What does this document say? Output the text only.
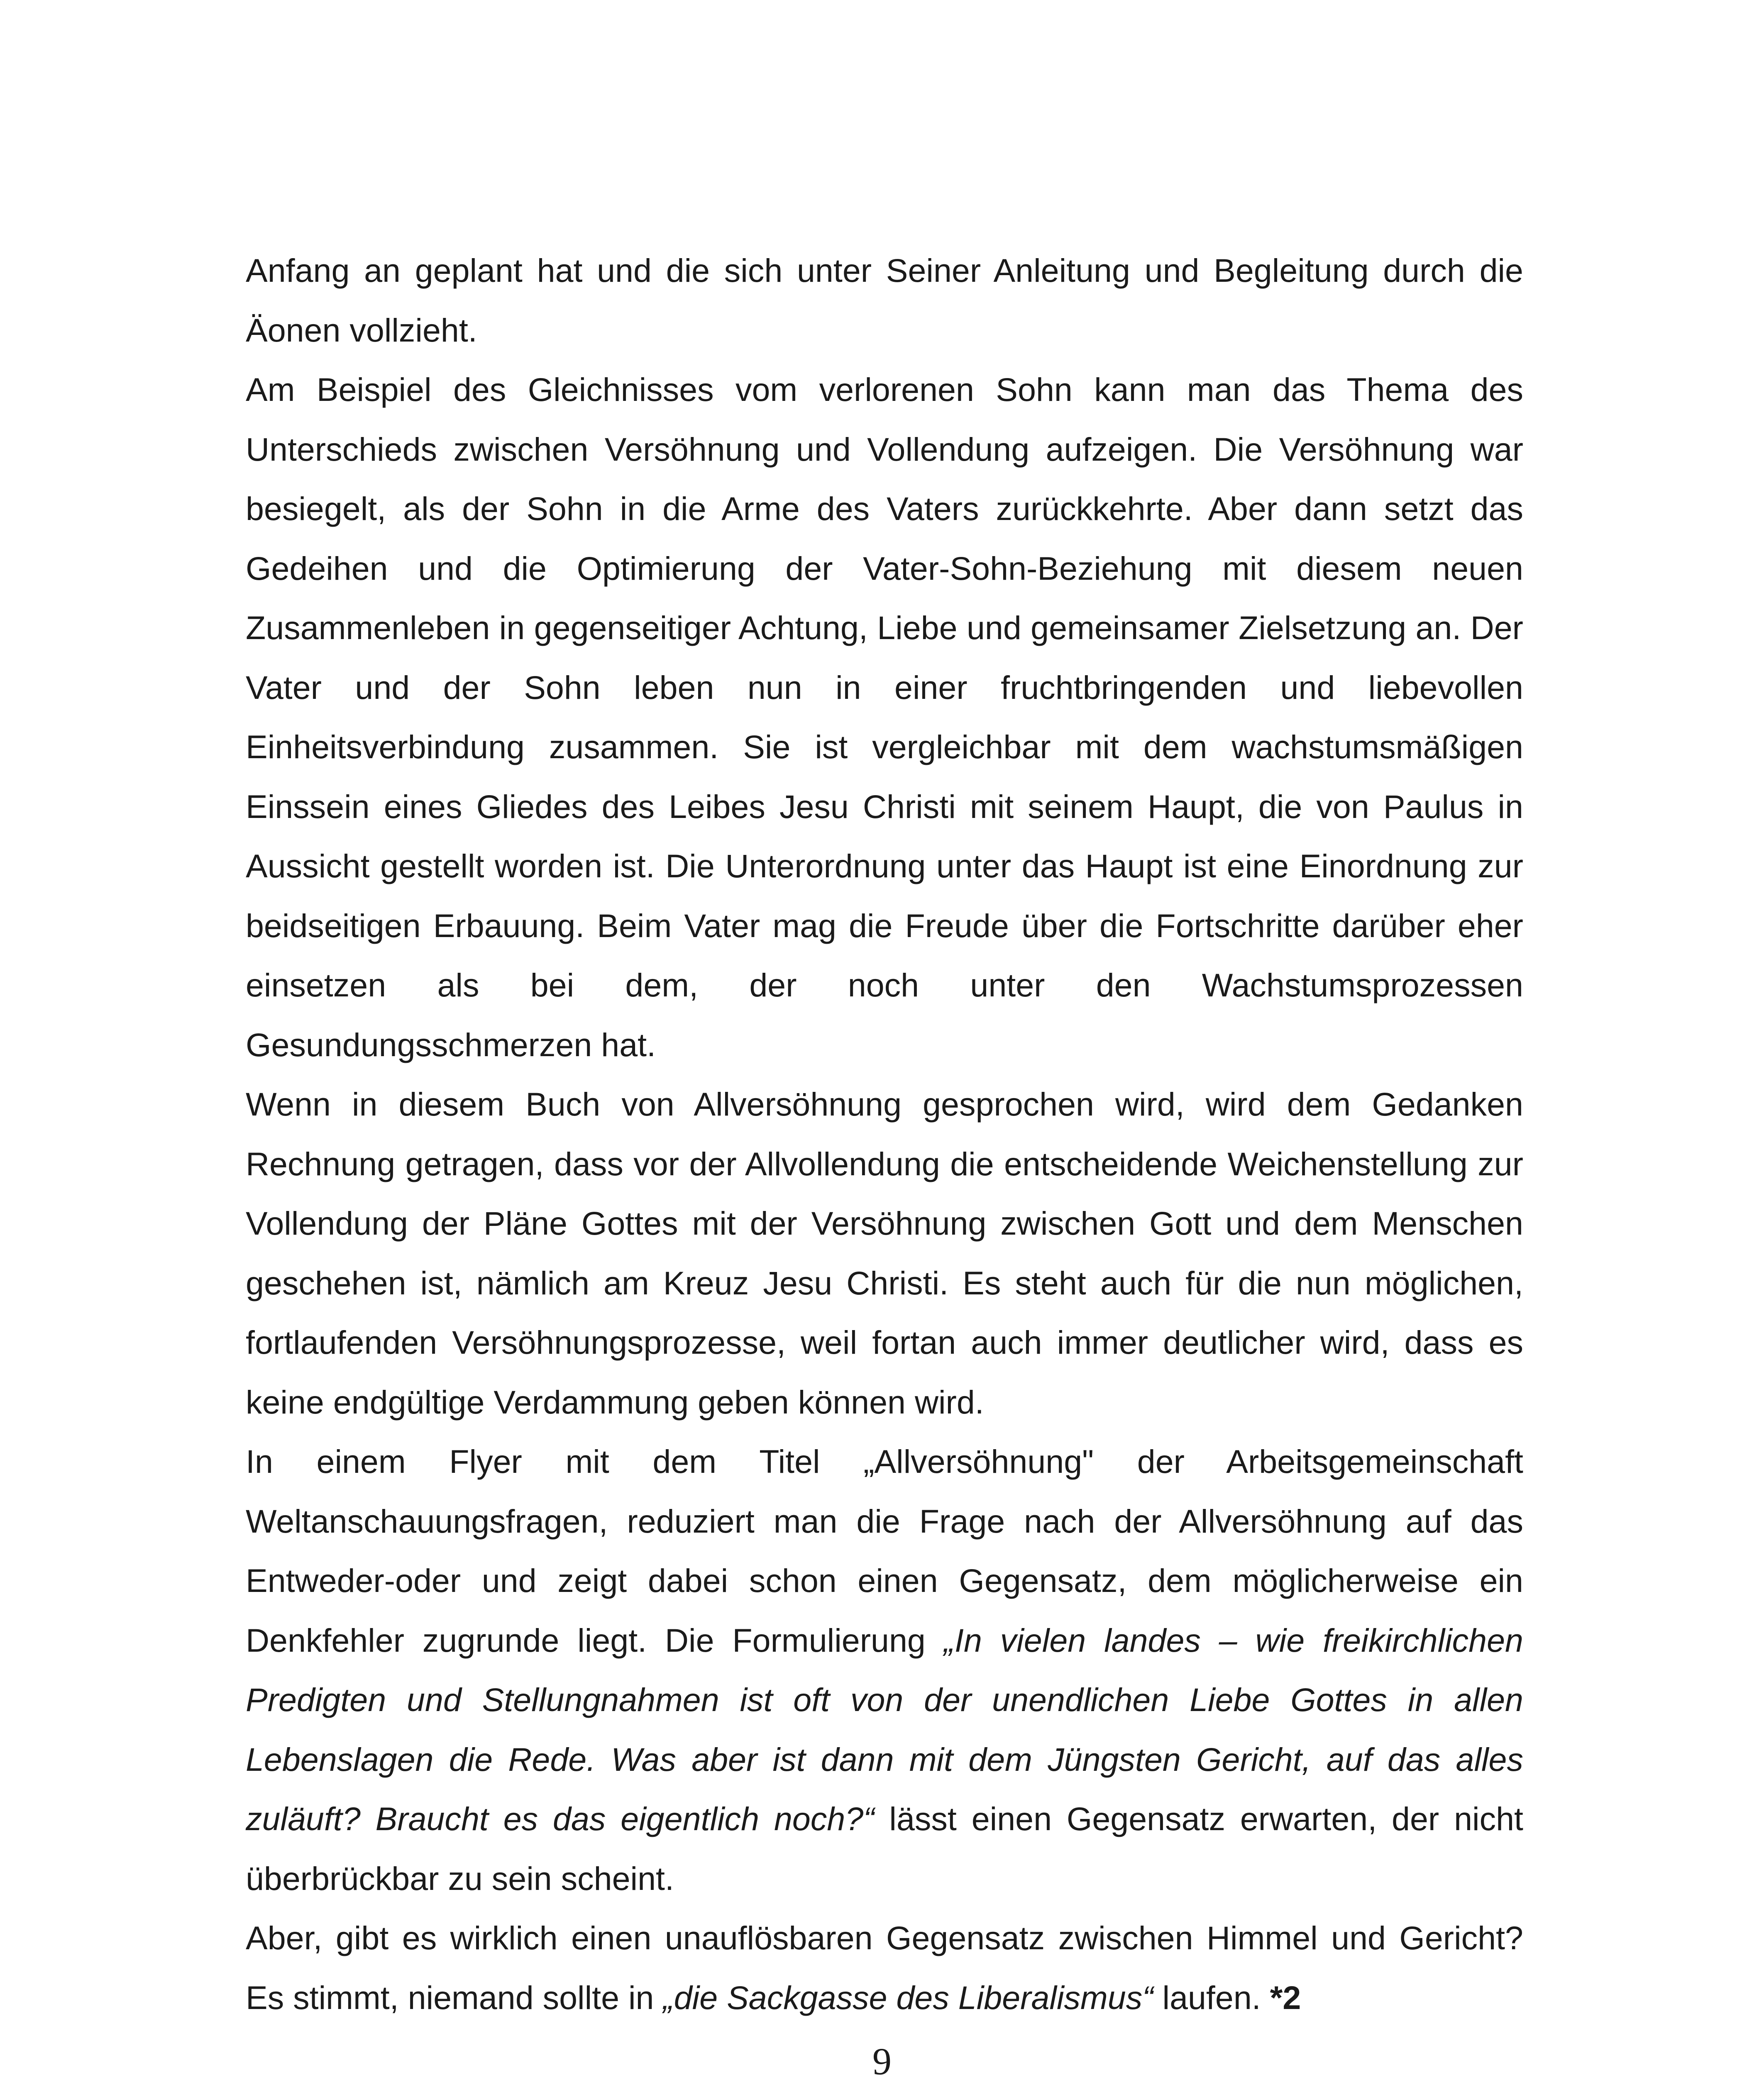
Anfang an geplant hat und die sich unter Seiner Anleitung und Begleitung durch die Äonen vollzieht.

Am Beispiel des Gleichnisses vom verlorenen Sohn kann man das Thema des Unterschieds zwischen Versöhnung und Vollendung aufzeigen. Die Versöhnung war besiegelt, als der Sohn in die Arme des Vaters zurückkehrte. Aber dann setzt das Gedeihen und die Optimierung der Vater-Sohn-Beziehung mit diesem neuen Zusammenleben in gegenseitiger Achtung, Liebe und gemeinsamer Zielsetzung an. Der Vater und der Sohn leben nun in einer fruchtbringenden und liebevollen Einheitsverbindung zusammen. Sie ist vergleichbar mit dem wachstumsmäßigen Einssein eines Gliedes des Leibes Jesu Christi mit seinem Haupt, die von Paulus in Aussicht gestellt worden ist. Die Unterordnung unter das Haupt ist eine Einordnung zur beidseitigen Erbauung. Beim Vater mag die Freude über die Fortschritte darüber eher einsetzen als bei dem, der noch unter den Wachstumsprozessen Gesundungsschmerzen hat.

Wenn in diesem Buch von Allversöhnung gesprochen wird, wird dem Gedanken Rechnung getragen, dass vor der Allvollendung die entscheidende Weichenstellung zur Vollendung der Pläne Gottes mit der Versöhnung zwischen Gott und dem Menschen geschehen ist, nämlich am Kreuz Jesu Christi. Es steht auch für die nun möglichen, fortlaufenden Versöhnungsprozesse, weil fortan auch immer deutlicher wird, dass es keine endgültige Verdammung geben können wird.

In einem Flyer mit dem Titel „Allversöhnung" der Arbeitsgemeinschaft Weltanschauungsfragen, reduziert man die Frage nach der Allversöhnung auf das Entweder-oder und zeigt dabei schon einen Gegensatz, dem möglicherweise ein Denkfehler zugrunde liegt. Die Formulierung „In vielen landes – wie freikirchlichen Predigten und Stellungnahmen ist oft von der unendlichen Liebe Gottes in allen Lebenslagen die Rede. Was aber ist dann mit dem Jüngsten Gericht, auf das alles zuläuft? Braucht es das eigentlich noch?“ lässt einen Gegensatz erwarten, der nicht überbrückbar zu sein scheint.

Aber, gibt es wirklich einen unauflösbaren Gegensatz zwischen Himmel und Gericht? Es stimmt, niemand sollte in „die Sackgasse des Liberalismus“ laufen. *2

9
